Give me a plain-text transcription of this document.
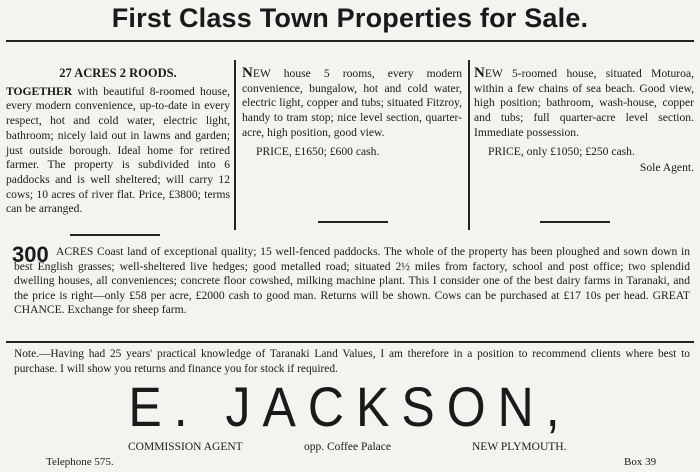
First Class Town Properties for Sale.

27 ACRES 2 ROODS.

TOGETHER with beautiful 8-roomed house, every modern convenience, up-to-date in every respect, hot and cold water, electric light, bathroom; nicely laid out in lawns and garden; just outside borough. Ideal home for retired farmer. The property is subdivided into 6 paddocks and is well sheltered; will carry 12 cows; 10 acres of river flat. Price, £3800; terms can be arranged.

NEW house 5 rooms, every modern convenience, bungalow, hot and cold water, electric light, copper and tubs; situated Fitzroy, handy to tram stop; nice level section, quarter-acre, high position, good view.

PRICE, £1650; £600 cash.

NEW 5-roomed house, situated Moturoa, within a few chains of sea beach. Good view, high position; bathroom, wash-house, copper and tubs; full quarter-acre level section. Immediate possession.

PRICE, only £1050; £250 cash.

Sole Agent.

ACRES Coast land of exceptional quality; 15 well-fenced paddocks. The whole of the property has been ploughed and sown down in best English grasses; well-sheltered live hedges; good metalled road; situated 2½ miles from factory, school and post office; two splendid dwelling houses, all conveniences; concrete floor cowshed, milking machine plant. This I consider one of the best dairy farms in Taranaki, and the price is right—only £58 per acre, £2000 cash to good man. Returns will be shown. Cows can be purchased at £17 10s per head. GREAT CHANCE. Exchange for sheep farm.
300
Note.—Having had 25 years' practical knowledge of Taranaki Land Values, I am therefore in a position to recommend clients where best to purchase. I will show you returns and finance you for stock if required.
E. JACKSON,
COMMISSION AGENT	opp. Coffee Palace	NEW PLYMOUTH.
Telephone 575.	Box 39
